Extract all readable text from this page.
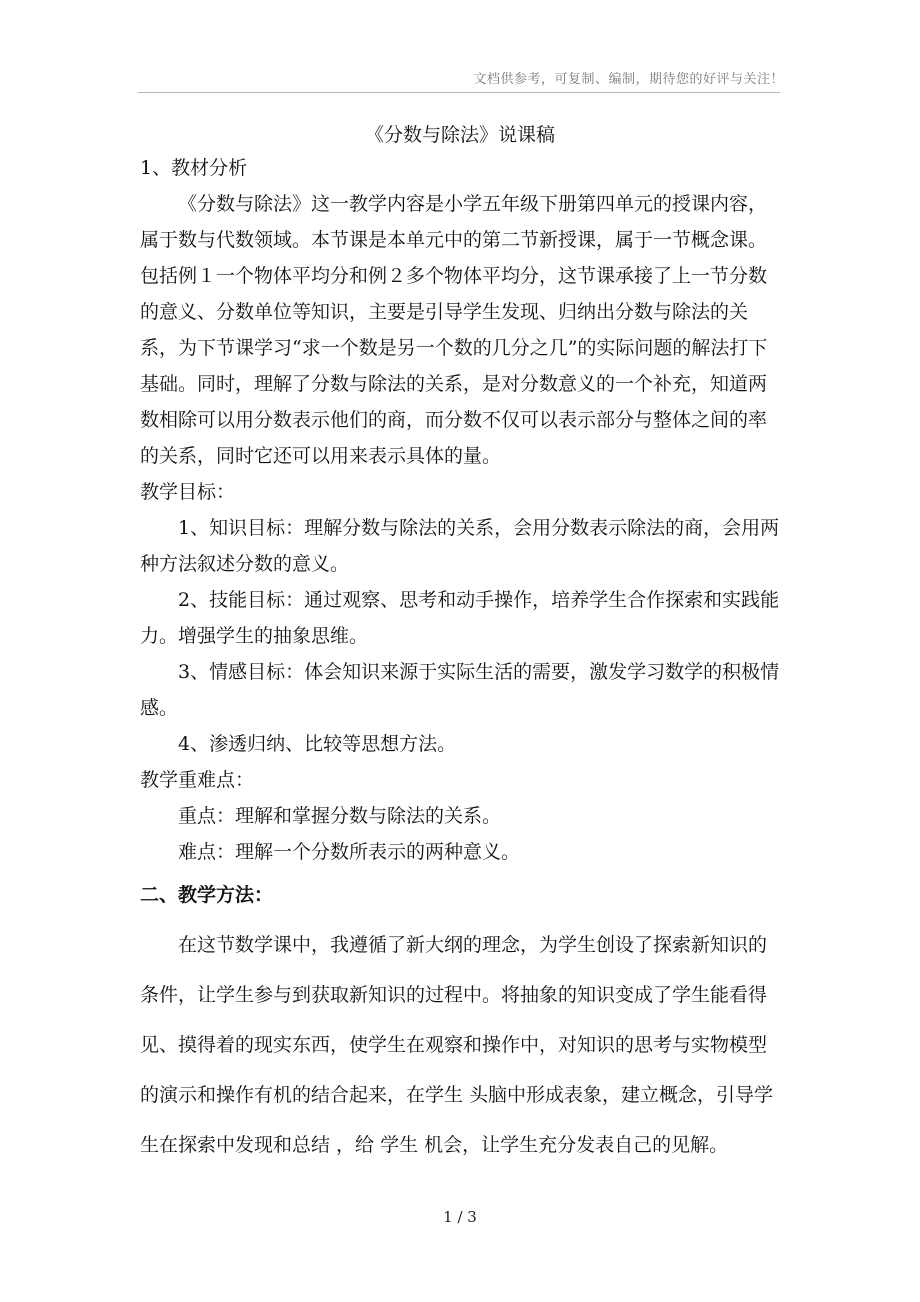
文档供参考，可复制、编制，期待您的好评与关注！
《分数与除法》说课稿

1、教材分析

《分数与除法》这一教学内容是小学五年级下册第四单元的授课内容，属于数与代数领域。本节课是本单元中的第二节新授课，属于一节概念课。包括例１一个物体平均分和例２多个物体平均分，这节课承接了上一节分数的意义、分数单位等知识，主要是引导学生发现、归纳出分数与除法的关系，为下节课学习“求一个数是另一个数的几分之几”的实际问题的解法打下基础。同时，理解了分数与除法的关系，是对分数意义的一个补充，知道两数相除可以用分数表示他们的商，而分数不仅可以表示部分与整体之间的率的关系，同时它还可以用来表示具体的量。

教学目标：

1、知识目标：理解分数与除法的关系，会用分数表示除法的商，会用两种方法叙述分数的意义。

2、技能目标：通过观察、思考和动手操作，培养学生合作探索和实践能力。增强学生的抽象思维。

3、情感目标：体会知识来源于实际生活的需要，激发学习数学的积极情感。

4、渗透归纳、比较等思想方法。

教学重难点：

重点：理解和掌握分数与除法的关系。

难点：理解一个分数所表示的两种意义。

二、教学方法：

在这节数学课中，我遵循了新大纲的理念，为学生创设了探索新知识的条件，让学生参与到获取新知识的过程中。将抽象的知识变成了学生能看得见、摸得着的现实东西，使学生在观察和操作中，对知识的思考与实物模型的演示和操作有机的结合起来，在学生 头脑中形成表象，建立概念，引导学生在探索中发现和总结 ，给 学生 机会，让学生充分发表自己的见解。

1 / 3
